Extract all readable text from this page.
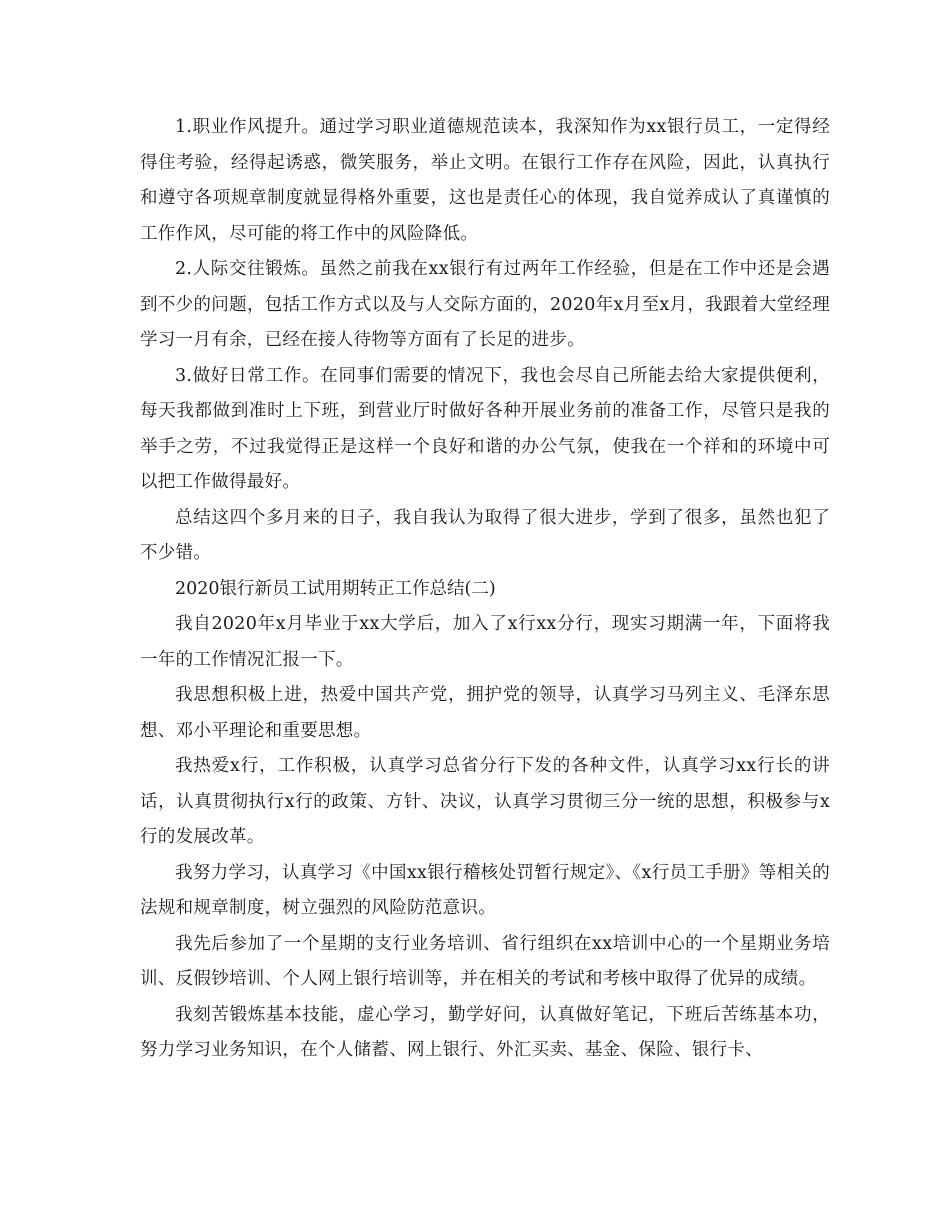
1.职业作风提升。通过学习职业道德规范读本，我深知作为xx银行员工，一定得经得住考验，经得起诱惑，微笑服务，举止文明。在银行工作存在风险，因此，认真执行和遵守各项规章制度就显得格外重要，这也是责任心的体现，我自觉养成认了真谨慎的工作作风，尽可能的将工作中的风险降低。

2.人际交往锻炼。虽然之前我在xx银行有过两年工作经验，但是在工作中还是会遇到不少的问题，包括工作方式以及与人交际方面的，2020年x月至x月，我跟着大堂经理学习一月有余，已经在接人待物等方面有了长足的进步。

3.做好日常工作。在同事们需要的情况下，我也会尽自己所能去给大家提供便利，每天我都做到准时上下班，到营业厅时做好各种开展业务前的准备工作，尽管只是我的举手之劳，不过我觉得正是这样一个良好和谐的办公气氛，使我在一个祥和的环境中可以把工作做得最好。

总结这四个多月来的日子，我自我认为取得了很大进步，学到了很多，虽然也犯了不少错。

2020银行新员工试用期转正工作总结(二)

我自2020年x月毕业于xx大学后，加入了x行xx分行，现实习期满一年，下面将我一年的工作情况汇报一下。

我思想积极上进，热爱中国共产党，拥护党的领导，认真学习马列主义、毛泽东思想、邓小平理论和重要思想。

我热爱x行，工作积极，认真学习总省分行下发的各种文件，认真学习xx行长的讲话，认真贯彻执行x行的政策、方针、决议，认真学习贯彻三分一统的思想，积极参与x行的发展改革。

我努力学习，认真学习《中国xx银行稽核处罚暂行规定》、《x行员工手册》等相关的法规和规章制度，树立强烈的风险防范意识。

我先后参加了一个星期的支行业务培训、省行组织在xx培训中心的一个星期业务培训、反假钞培训、个人网上银行培训等，并在相关的考试和考核中取得了优异的成绩。

我刻苦锻炼基本技能，虚心学习，勤学好问，认真做好笔记，下班后苦练基本功，努力学习业务知识，在个人储蓄、网上银行、外汇买卖、基金、保险、银行卡、
